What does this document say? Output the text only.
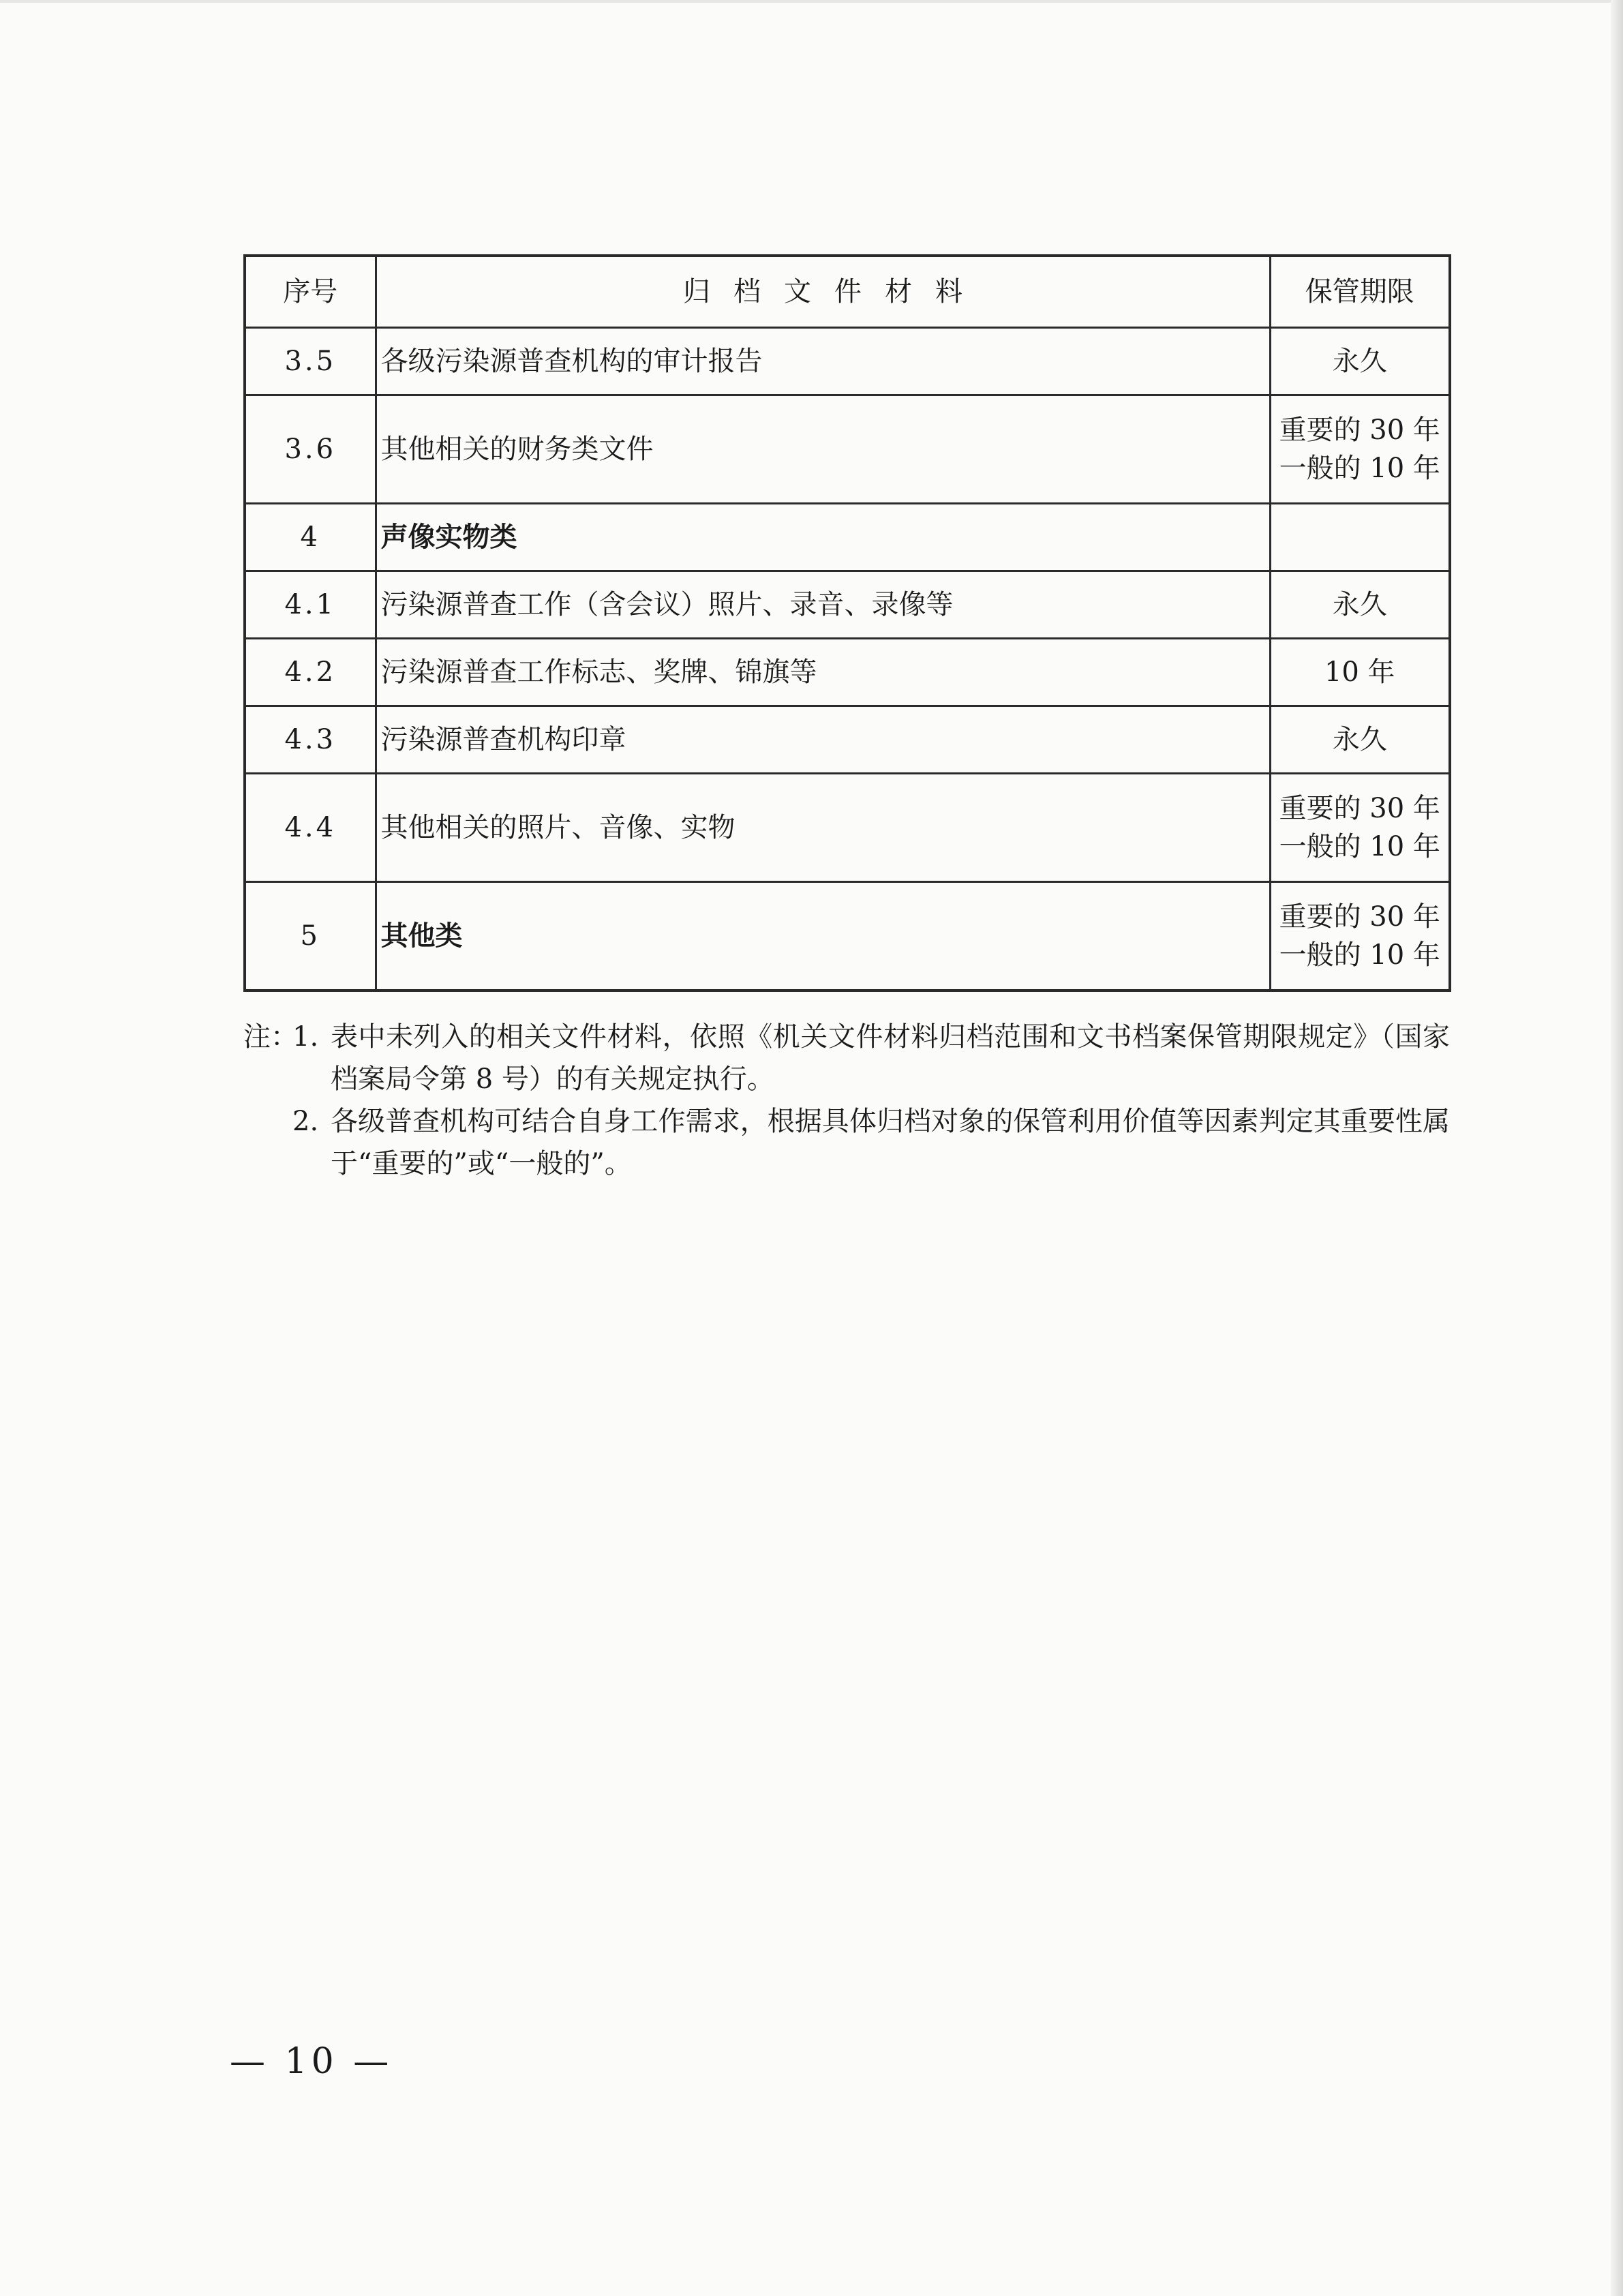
序号	归档文件材料	保管期限
3.5	各级污染源普查机构的审计报告	永久

3.6	其他相关的财务类文件	重要的 30 年
一般的 10 年

4	声像实物类	
4.1	污染源普查工作（含会议）照片、录音、录像等	永久

4.2	污染源普查工作标志、奖牌、锦旗等	10 年

4.3	污染源普查机构印章	永久

4.4	其他相关的照片、音像、实物	重要的 30 年
一般的 10 年

5	其他类	重要的 30 年
一般的 10 年

注：
1. 表中未列入的相关文件材料，依照《机关文件材料归档范围和文书档案保管期限规定》（国家档案局令第 8 号）的有关规定执行。

2. 各级普查机构可结合自身工作需求，根据具体归档对象的保管利用价值等因素判定其重要性属于“重要的”或“一般的”。

— 10 —
